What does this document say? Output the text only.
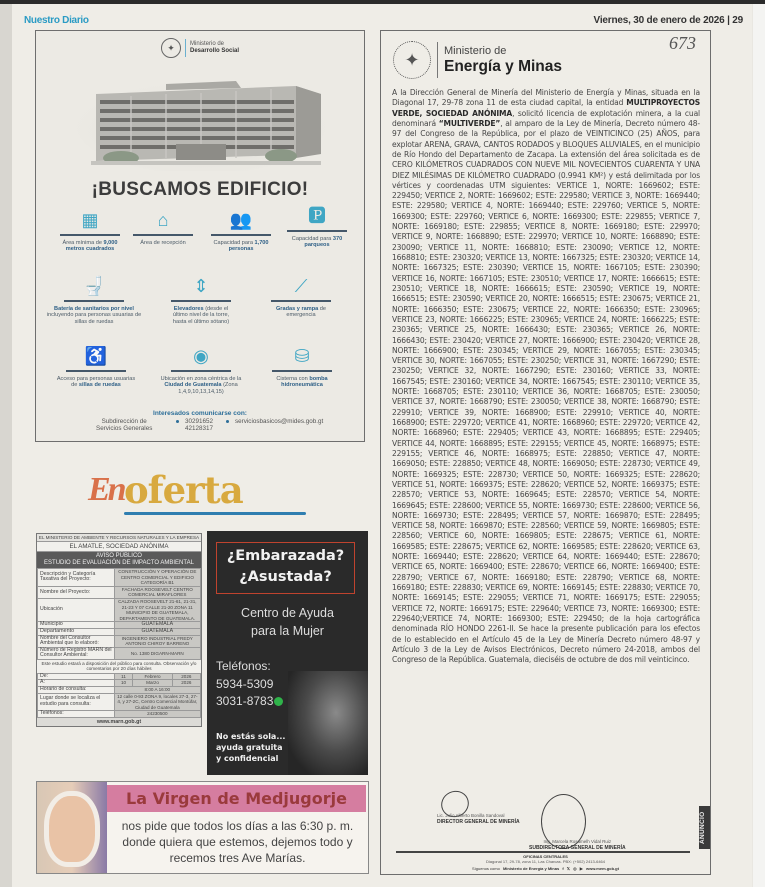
Nuestro Diario	Viernes, 30 de enero de 2026 | 29
✦	Ministerio de
Desarrollo Social
¡BUSCAMOS EDIFICIO!
▦
Área mínima de 9,000 metros cuadrados
⌂
Área de recepción
👥
Capacidad para 1,700 personas
🅿
Capacidad para 370 parqueos
🚽
Batería de sanitarios por nivel incluyendo para personas usuarias de sillas de ruedas
⇕
Elevadores (desde el último nivel de la torre, hasta el último sótano)
⟋
Gradas y rampa de emergencia
♿
Acceso para personas usuarias de sillas de ruedas
◉
Ubicación en zona céntrica de la Ciudad de Guatemala (Zona 1,4,9,10,13,14,15)
⛁
Cisterna con bomba hidroneumática
Interesados comunicarse con:
Subdirección de
Servicios Generales
30291652
42128317
serviciosbasicos@mides.gob.gt
En oferta
EL MINISTERIO DE AMBIENTE Y RECURSOS NATURALES Y LA EMPRESA
EL AMATLE, SOCIEDAD ANÓNIMA
AVISO PÚBLICO
ESTUDIO DE EVALUACIÓN DE IMPACTO AMBIENTAL
Descripción y Categoría Taxativa del Proyecto:	CONSTRUCCIÓN Y OPERACIÓN DE CENTRO COMERCIAL Y EDIFICIO CATEGORÍA B1
Nombre del Proyecto:	FACHADA ROOSEVELT CENTRO COMERCIAL MIRAFLORES
Ubicación	CALZADA ROOSEVELT 21-61, 21-31, 21-23 Y 07 CALLE 21-20 ZONA 11 MUNICIPIO DE GUATEMALA, DEPARTAMENTO DE GUATEMALA.
Municipio	GUATEMALA
Departamento	GUATEMALA
Nombre del Consultor Ambiental que lo elaboró:	INGENIERO INDUSTRIAL FREDY ANTONIO CHIROY BARRENO
Número de Registro MARN del Consultor Ambiental:	No. 1380 DIGARN-MARN
Este estudio estará a disposición del público para consulta. Observación y/o comentarios por 20 días hábiles
De:	11	Febrero	2026
A:	10	Marzo	2026
Horario de consulta:	8:00 A 16:00		
Lugar donde se localiza el estudio para consulta:	12 calle 0-93 ZONA 9, locales 27-3, 27-4, y 27-2C, Centro Comercial Montúfar, Ciudad de Guatemala		
Teléfonos:	24230500		
www.marn.gob.gt
¿Embarazada?
¿Asustada?
Centro de Ayuda
para la Mujer
Teléfonos:
5934-5309
3031-8783
No estás sola...
ayuda gratuita
y confidencial
La Virgen de Medjugorje
nos pide que todos los días a las 6:30 p. m.
donde quiera que estemos, dejemos todo y
recemos tres Ave Marías.
673
✦	Ministerio de
Energía y Minas
A la Dirección General de Minería del Ministerio de Energía y Minas, situada en la Diagonal 17, 29-78 zona 11 de esta ciudad capital, la entidad MULTIPROYECTOS VERDE, SOCIEDAD ANÓNIMA, solicitó licencia de explotación minera, a la cual denominará “MULTIVERDE”, al amparo de la Ley de Minería, Decreto número 48-97 del Congreso de la República, por el plazo de VEINTICINCO (25) AÑOS, para explotar ARENA, GRAVA, CANTOS RODADOS y BLOQUES ALUVIALES, en el municipio de Río Hondo del Departamento de Zacapa. La extensión del área solicitada es de CERO KILÓMETROS CUADRADOS CON NUEVE MIL NOVECIENTOS CUARENTA Y UNA DIEZ MILÉSIMAS DE KILÓMETRO CUADRADO (0.9941 KM²) y está delimitada por los vértices y coordenadas UTM siguientes: VERTICE 1, NORTE: 1669602; ESTE: 229450; VERTICE 2, NORTE: 1669602; ESTE: 229580; VERTICE 3, NORTE: 1669440; ESTE: 229580; VERTICE 4, NORTE: 1669440; ESTE: 229760; VERTICE 5, NORTE: 1669300; ESTE: 229760; VERTICE 6, NORTE: 1669300; ESTE: 229855; VERTICE 7, NORTE: 1669180; ESTE: 229855; VERTICE 8, NORTE: 1669180; ESTE: 229970; VERTICE 9, NORTE: 1668890; ESTE: 229970; VERTICE 10, NORTE: 1668890; ESTE: 230090; VERTICE 11, NORTE: 1668810; ESTE: 230090; VERTICE 12, NORTE: 1668810; ESTE: 230320; VERTICE 13, NORTE: 1667325; ESTE: 230320; VERTICE 14, NORTE: 1667325; ESTE: 230390; VERTICE 15, NORTE: 1667105; ESTE: 230390; VERTICE 16, NORTE: 1667105; ESTE: 230510; VERTICE 17, NORTE: 1666615; ESTE: 230510; VERTICE 18, NORTE: 1666615; ESTE: 230590; VERTICE 19, NORTE: 1666515; ESTE: 230590; VERTICE 20, NORTE: 1666515; ESTE: 230675; VERTICE 21, NORTE: 1666350; ESTE: 230675; VERTICE 22, NORTE: 1666350; ESTE: 230965; VERTICE 23, NORTE: 1666225; ESTE: 230965; VERTICE 24, NORTE: 1666225; ESTE: 230365; VERTICE 25, NORTE: 1666430; ESTE: 230365; VERTICE 26, NORTE: 1666430; ESTE: 230420; VERTICE 27, NORTE: 1666900; ESTE: 230420; VERTICE 28, NORTE: 1666900; ESTE: 230345; VERTICE 29, NORTE: 1667055; ESTE: 230345; VERTICE 30, NORTE: 1667055; ESTE: 230250; VERTICE 31, NORTE: 1667290; ESTE: 230250; VERTICE 32, NORTE: 1667290; ESTE: 230160; VERTICE 33, NORTE: 1667545; ESTE: 230160; VERTICE 34, NORTE: 1667545; ESTE: 230110; VERTICE 35, NORTE: 1668705; ESTE: 230110; VERTICE 36, NORTE: 1668705; ESTE: 230050; VERTICE 37, NORTE: 1668790; ESTE: 230050; VERTICE 38, NORTE: 1668790; ESTE: 229910; VERTICE 39, NORTE: 1668900; ESTE: 229910; VERTICE 40, NORTE: 1668900; ESTE: 229720; VERTICE 41, NORTE: 1668960; ESTE: 229720; VERTICE 42, NORTE: 1668960; ESTE: 229405; VERTICE 43, NORTE: 1668895; ESTE: 229405; VERTICE 44, NORTE: 1668895; ESTE: 229155; VERTICE 45, NORTE: 1668975; ESTE: 229155; VERTICE 46, NORTE: 1668975; ESTE: 228850; VERTICE 47, NORTE: 1669050; ESTE: 228850; VERTICE 48, NORTE: 1669050; ESTE: 228730; VERTICE 49, NORTE: 1669325; ESTE: 228730; VERTICE 50, NORTE: 1669325; ESTE: 228620; VERTICE 51, NORTE: 1669375; ESTE: 228620; VERTICE 52, NORTE: 1669375; ESTE: 228570; VERTICE 53, NORTE: 1669645; ESTE: 228570; VERTICE 54, NORTE: 1669645; ESTE: 228600; VERTICE 55, NORTE: 1669730; ESTE: 228600; VERTICE 56, NORTE: 1669730; ESTE: 228495; VERTICE 57, NORTE: 1669870; ESTE: 228495; VERTICE 58, NORTE: 1669870; ESTE: 228560; VERTICE 59, NORTE: 1669805; ESTE: 228560; VERTICE 60, NORTE: 1669805; ESTE: 228675; VERTICE 61, NORTE: 1669585; ESTE: 228675; VERTICE 62, NORTE: 1669585; ESTE: 228620; VERTICE 63, NORTE: 1669440; ESTE: 228620; VERTICE 64, NORTE: 1669440; ESTE: 228670; VERTICE 65, NORTE: 1669400; ESTE: 228670; VERTICE 66, NORTE: 1669400; ESTE: 228790; VERTICE 67, NORTE: 1669180; ESTE: 228790; VERTICE 68, NORTE: 1669180; ESTE: 228830; VERTICE 69, NORTE: 1669145; ESTE: 228830; VERTICE 70, NORTE: 1669145; ESTE: 229055; VERTICE 71, NORTE: 1669175; ESTE: 229055; VERTICE 72, NORTE: 1669175; ESTE: 229640; VERTICE 73, NORTE: 1669300; ESTE: 229640;VERTICE 74, NORTE: 1669300; ESTE: 229450; de la hoja cartográfica denominada RÍO HONDO 2261-II. Se hace la presente publicación para los efectos de lo establecido en el Artículo 45 de la Ley de Minería Decreto número 48-97 y Artículo 3 de la Ley de Avisos Electrónicos, Decreto número 24-2018, ambos del Congreso de la República. Guatemala, dieciséis de octubre de dos mil veinticinco.
Lic. Julio Alberto Bonilla Sandoval
DIRECTOR GENERAL DE MINERÍA
Ing. Marcela Rosamelh Vidal Ruiz
SUBDIRECTORA GENERAL DE MINERÍA
OFICINAS CENTRALES
Diagonal 17, 29-78, zona 11, Las Charcas. PBX: (+502) 2413-6464
Síguenos como Ministerio de Energía y Minas f 𝕏 ◎ ▶ www.mem.gob.gt
ANUNCIO
